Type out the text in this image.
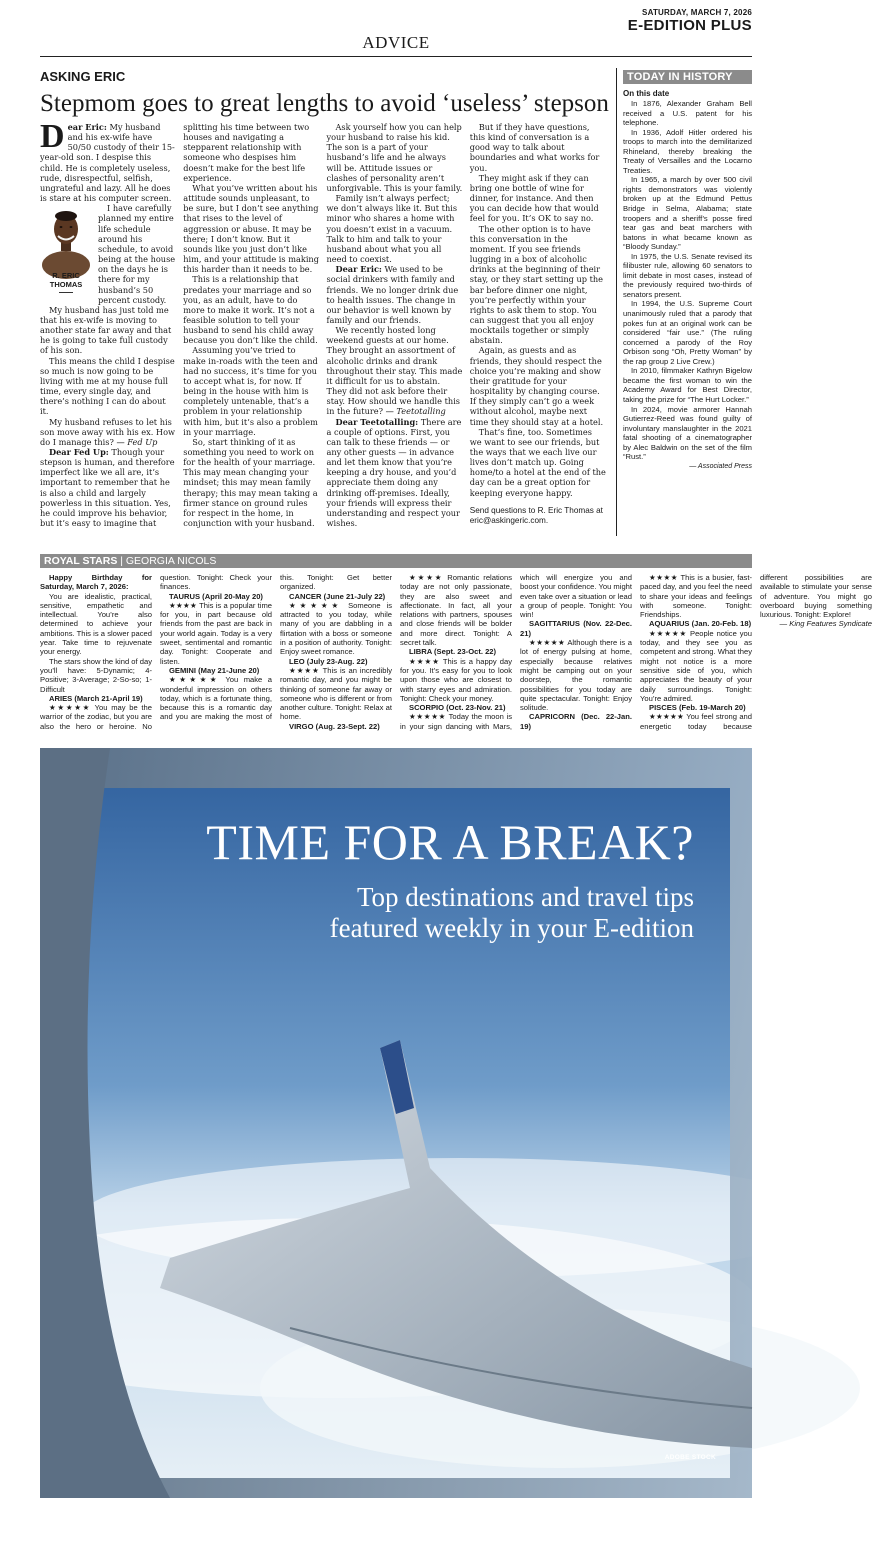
SATURDAY, MARCH 7, 2026
E-EDITION PLUS
ADVICE
ASKING ERIC
Stepmom goes to great lengths to avoid ‘useless’ stepson

Dear Eric: My husband and his ex-wife have 50/50 custody of their 15-year-old son. I despise this child. He is completely useless, rude, disrespectful, selfish, ungrateful and lazy. All he does is stare at his computer screen.

R. ERIC THOMAS

I have carefully planned my entire life schedule around his schedule, to avoid being at the house on the days he is there for my husband’s 50 percent custody.

My husband has just told me that his ex-wife is moving to another state far away and that he is going to take full custody of his son.

This means the child I despise so much is now going to be living with me at my house full time, every single day, and there’s nothing I can do about it.

My husband refuses to let his son move away with his ex. How do I manage this? — Fed Up

Dear Fed Up: Though your stepson is human, and therefore imperfect like we all are, it’s important to remember that he is also a child and largely powerless in this situation. Yes, he could improve his behavior, but it’s easy to imagine that splitting his time between two houses and navigating a stepparent relationship with someone who despises him doesn’t make for the best life experience.

What you’ve written about his attitude sounds unpleasant, to be sure, but I don’t see anything that rises to the level of aggression or abuse. It may be there; I don’t know. But it sounds like you just don’t like him, and your attitude is making this harder than it needs to be.

This is a relationship that predates your marriage and so you, as an adult, have to do more to make it work. It’s not a feasible solution to tell your husband to send his child away because you don’t like the child.

Assuming you’ve tried to make in-roads with the teen and had no success, it’s time for you to accept what is, for now. If being in the house with him is completely untenable, that’s a problem in your relationship with him, but it’s also a problem in your marriage.

So, start thinking of it as something you need to work on for the health of your marriage. This may mean changing your mindset; this may mean family therapy; this may mean taking a firmer stance on ground rules for respect in the home, in conjunction with your husband.

Ask yourself how you can help your husband to raise his kid. The son is a part of your husband’s life and he always will be. Attitude issues or clashes of personality aren’t unforgivable. This is your family.

Family isn’t always perfect; we don’t always like it. But this minor who shares a home with you doesn’t exist in a vacuum. Talk to him and talk to your husband about what you all need to coexist.

Dear Eric: We used to be social drinkers with family and friends. We no longer drink due to health issues. The change in our behavior is well known by family and our friends.

We recently hosted long weekend guests at our home. They brought an assortment of alcoholic drinks and drank throughout their stay. This made it difficult for us to abstain. They did not ask before their stay. How should we handle this in the future? — Teetotalling

Dear Teetotalling: There are a couple of options. First, you can talk to these friends — or any other guests — in advance and let them know that you’re keeping a dry house, and you’d appreciate them doing any drinking off-premises. Ideally, your friends will express their understanding and respect your wishes.

But if they have questions, this kind of conversation is a good way to talk about boundaries and what works for you.

They might ask if they can bring one bottle of wine for dinner, for instance. And then you can decide how that would feel for you. It’s OK to say no.

The other option is to have this conversation in the moment. If you see friends lugging in a box of alcoholic drinks at the beginning of their stay, or they start setting up the bar before dinner one night, you’re perfectly within your rights to ask them to stop. You can suggest that you all enjoy mocktails together or simply abstain.

Again, as guests and as friends, they should respect the choice you’re making and show their gratitude for your hospitality by changing course. If they simply can’t go a week without alcohol, maybe next time they should stay at a hotel.

That’s fine, too. Sometimes we want to see our friends, but the ways that we each live our lives don’t match up. Going home/to a hotel at the end of the day can be a great option for keeping everyone happy.

Send questions to R. Eric Thomas at eric@askingeric.com.

TODAY IN HISTORY
On this date

In 1876, Alexander Graham Bell received a U.S. patent for his telephone.

In 1936, Adolf Hitler ordered his troops to march into the demilitarized Rhineland, thereby breaking the Treaty of Versailles and the Locarno Treaties.

In 1965, a march by over 500 civil rights demonstrators was violently broken up at the Edmund Pettus Bridge in Selma, Alabama; state troopers and a sheriff’s posse fired tear gas and beat marchers with batons in what became known as “Bloody Sunday.”

In 1975, the U.S. Senate revised its filibuster rule, allowing 60 senators to limit debate in most cases, instead of the previously required two-thirds of senators present.

In 1994, the U.S. Supreme Court unanimously ruled that a parody that pokes fun at an original work can be considered “fair use.” (The ruling concerned a parody of the Roy Orbison song “Oh, Pretty Woman” by the rap group 2 Live Crew.)

In 2010, filmmaker Kathryn Bigelow became the first woman to win the Academy Award for Best Director, taking the prize for “The Hurt Locker.”

In 2024, movie armorer Hannah Gutierrez-Reed was found guilty of involuntary manslaughter in the 2021 fatal shooting of a cinematographer by Alec Baldwin on the set of the film “Rust.”

— Associated Press
ROYAL STARS | GEORGIA NICOLS

Happy Birthday for Saturday, March 7, 2026:

You are idealistic, practical, sensitive, empathetic and intellectual. You’re also determined to achieve your ambitions. This is a slower paced year. Take time to rejuvenate your energy.

The stars show the kind of day you’ll have: 5-Dynamic; 4-Positive; 3-Average; 2-So-so; 1-Difficult

ARIES (March 21-April 19)

★★★★★ You may be the warrior of the zodiac, but you are also the hero or heroine. No question. Tonight: Check your finances.

TAURUS (April 20-May 20)

★★★★ This is a popular time for you, in part because old friends from the past are back in your world again. Today is a very sweet, sentimental and romantic day. Tonight: Cooperate and listen.

GEMINI (May 21-June 20)

★★★★★ You make a wonderful impression on others today, which is a fortunate thing, because this is a romantic day and you are making the most of this. Tonight: Get better organized.

CANCER (June 21-July 22)

★★★★★ Someone is attracted to you today, while many of you are dabbling in a flirtation with a boss or someone in a position of authority. Tonight: Enjoy sweet romance.

LEO (July 23-Aug. 22)

★★★★ This is an incredibly romantic day, and you might be thinking of someone far away or someone who is different or from another culture. Tonight: Relax at home.

VIRGO (Aug. 23-Sept. 22)

★★★★ Romantic relations today are not only passionate, they are also sweet and affectionate. In fact, all your relations with partners, spouses and close friends will be bolder and more direct. Tonight: A secret talk.

LIBRA (Sept. 23-Oct. 22)

★★★★ This is a happy day for you. It’s easy for you to look upon those who are closest to with starry eyes and admiration. Tonight: Check your money.

SCORPIO (Oct. 23-Nov. 21)

★★★★★ Today the moon is in your sign dancing with Mars, which will energize you and boost your confidence. You might even take over a situation or lead a group of people. Tonight: You win!

SAGITTARIUS (Nov. 22-Dec. 21)

★★★★★ Although there is a lot of energy pulsing at home, especially because relatives might be camping out on your doorstep, the romantic possibilities for you today are quite spectacular. Tonight: Enjoy solitude.

CAPRICORN (Dec. 22-Jan. 19)

★★★★ This is a busier, fast-paced day, and you feel the need to share your ideas and feelings with someone. Tonight: Friendships.

AQUARIUS (Jan. 20-Feb. 18)

★★★★★ People notice you today, and they see you as competent and strong. What they might not notice is a more sensitive side of you, which appreciates the beauty of your daily surroundings. Tonight: You’re admired.

PISCES (Feb. 19-March 20)

★★★★★ You feel strong and energetic today because different possibilities are available to stimulate your sense of adventure. You might go overboard buying something luxurious. Tonight: Explore!

— King Features Syndicate

TIME FOR A BREAK?
Top destinations and travel tips featured weekly in your E-edition
ADOBE STOCK
